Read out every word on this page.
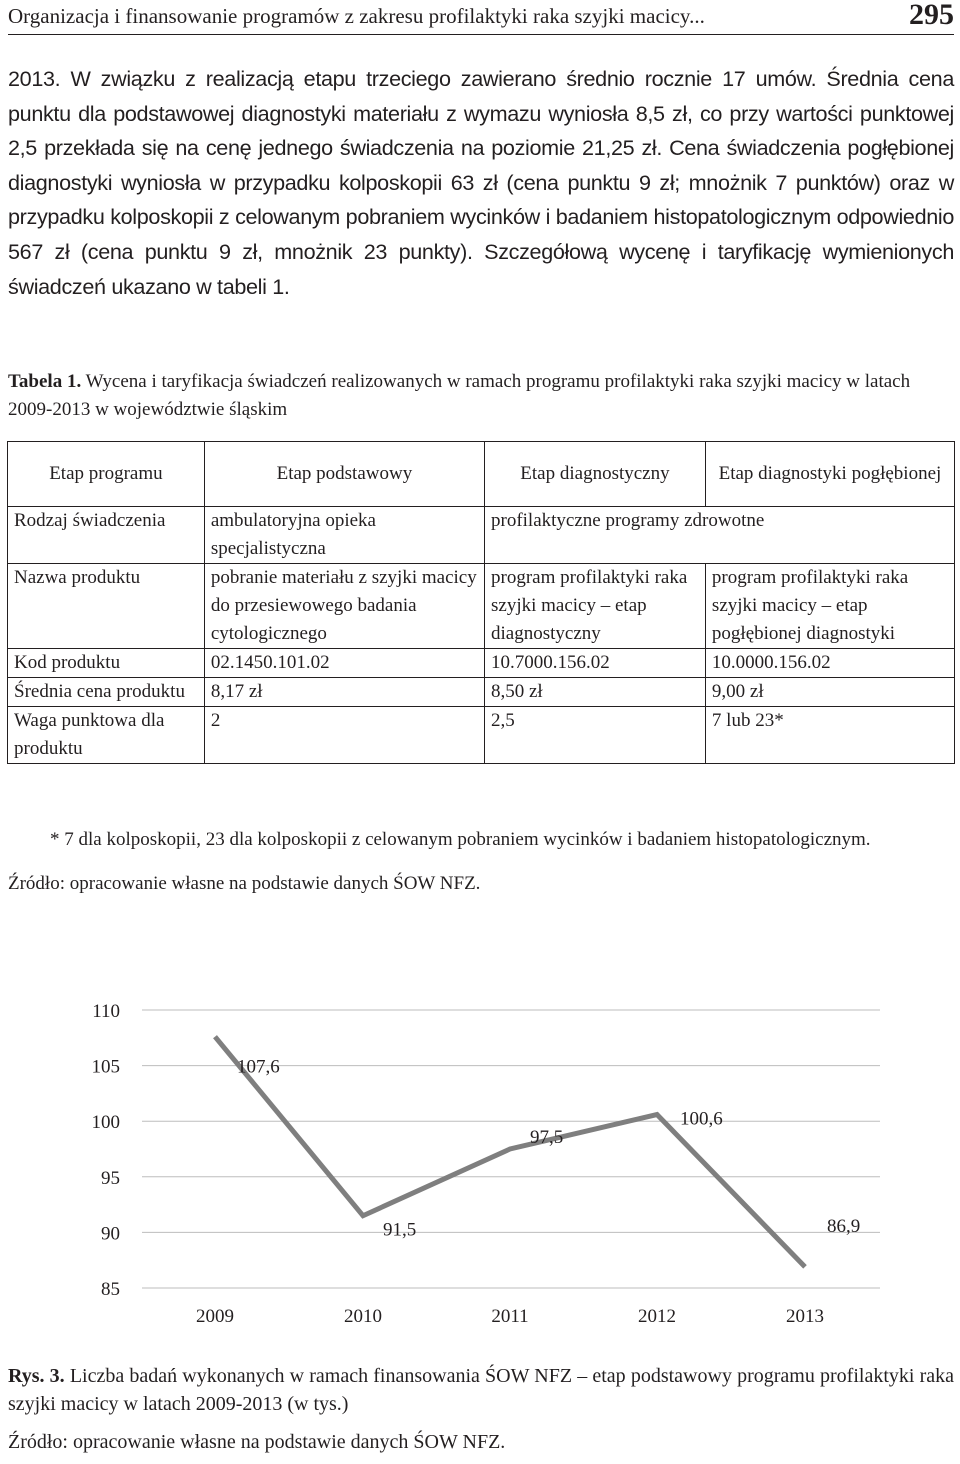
Organizacja i finansowanie programów z zakresu profilaktyki raka szyjki macicy...	295

2013. W związku z realizacją etapu trzeciego zawierano średnio rocznie 17 umów. Średnia cena punktu dla podstawowej diagnostyki materiału z wymazu wyniosła 8,5 zł, co przy wartości punktowej 2,5 przekłada się na cenę jednego świadczenia na poziomie 21,25 zł. Cena świadczenia pogłębionej diagnostyki wyniosła w przypadku kolposkopii 63 zł (cena punktu 9 zł; mnożnik 7 punktów) oraz w przypadku kolposkopii z celowanym pobraniem wycinków i badaniem histopatologicznym odpowiednio 567 zł (cena punktu 9 zł, mnożnik 23 punkty). Szczegółową wycenę i taryfikację wymienionych świadczeń ukazano w tabeli 1.

Tabela 1. Wycena i taryfikacja świadczeń realizowanych w ramach programu profilaktyki raka szyjki macicy w latach 2009-2013 w województwie śląskim
Etap programu	Etap podstawowy	Etap diagnostyczny	Etap diagnostyki pogłębionej
Rodzaj świadczenia	ambulatoryjna opieka specjalistyczna	profilaktyczne programy zdrowotne	
Nazwa produktu	pobranie materiału z szyjki macicy do przesiewowego badania cytologicznego	program profilaktyki raka szyjki macicy – etap diagnostyczny	program profilaktyki raka szyjki macicy – etap pogłębionej diagnostyki
Kod produktu	02.1450.101.02	10.7000.156.02	10.0000.156.02
Średnia cena produktu	8,17 zł	8,50 zł	9,00 zł
Waga punktowa dla produktu	2	2,5	7 lub 23*

* 7 dla kolposkopii, 23 dla kolposkopii z celowanym pobraniem wycinków i badaniem histopatologicznym.

Źródło: opracowanie własne na podstawie danych ŚOW NFZ.

85
90
95
100
105
110
2009	2010	2011	2012	2013
107,6
91,5
97,5
100,6
86,9

Rys. 3. Liczba badań wykonanych w ramach finansowania ŚOW NFZ – etap podstawowy programu profilaktyki raka szyjki macicy w latach 2009-2013 (w tys.)

Źródło: opracowanie własne na podstawie danych ŚOW NFZ.
